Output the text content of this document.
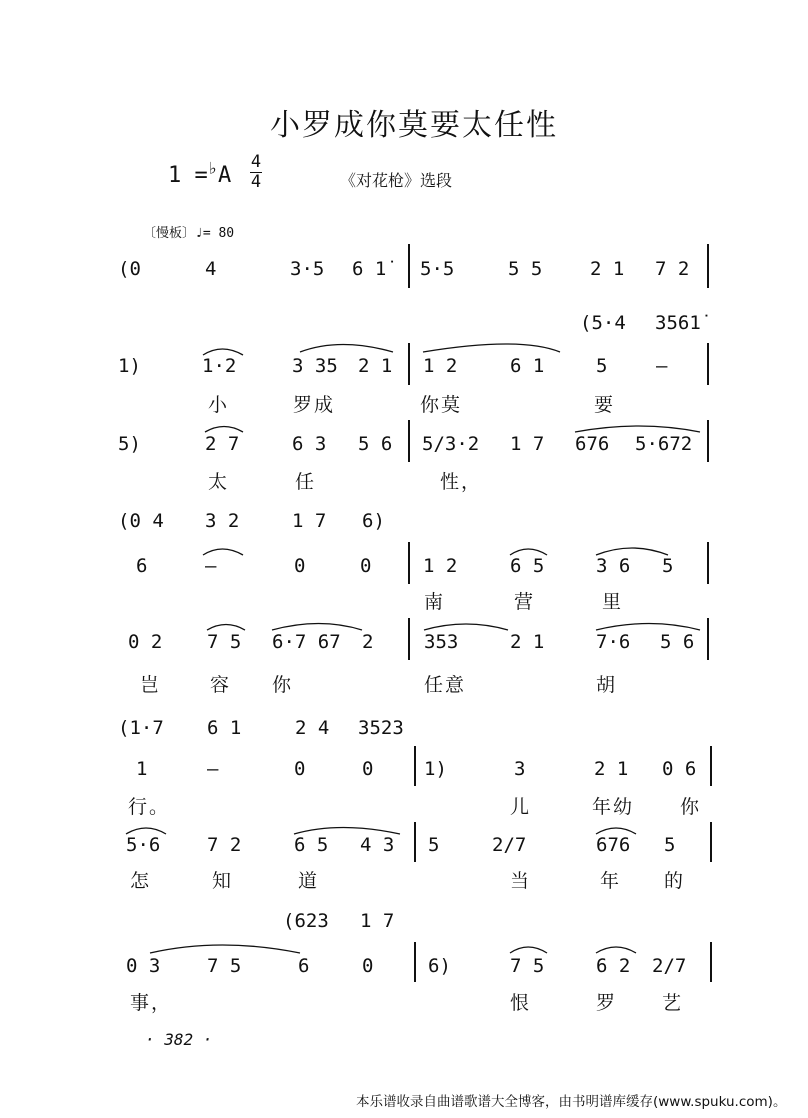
小罗成你莫要太任性
1 =♭A
4
4	《对花枪》选段
〔慢板〕♩= 80
(0	4	3·5 6 1̇ 5·5	5 5	2 1 7 2
(5·4 3561̇
1)	1·2	3 35 2 1 1 2	6 1	5	—
小	罗成	你莫	要
5)	2 7	6 3 5 6 5/3·2 1 7 676 5·672
太	任	性，
(0 4 3 2	1 7 6)
6	—	0	0	1 2	6 5	3 6 5
南	营	里
0 2 7 5 6·7 67 2	353	2 1	7·6 5 6
岂	容 你	任意	胡
(1·7 6 1	2 4 3523
1	—	0	0	1)	3	2 1 0 6
行。	儿	年幼 你
5·6 7 2	6 5 4 3 5	2/7	676 5
怎	知	道	当	年 的
(623 1 7
0 3 7 5	6	0	6)	7 5	6 2 2/7
事，	恨	罗 艺
· 382 ·
本乐谱收录自曲谱歌谱大全博客，由书明谱库缓存(www.spuku.com)。
